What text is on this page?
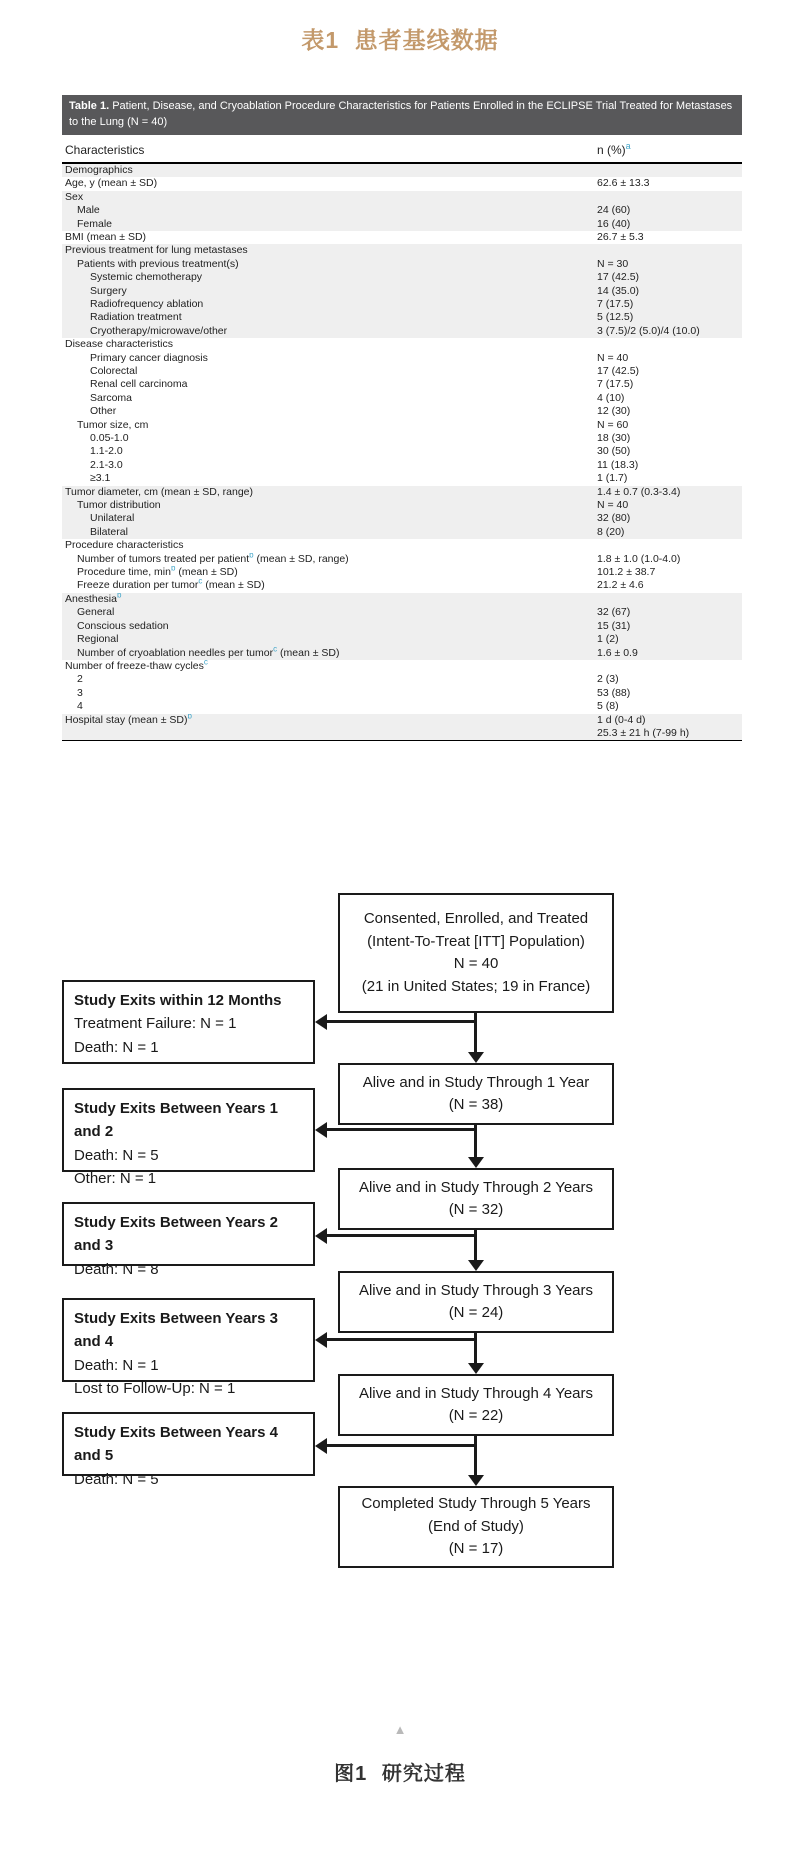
表1 患者基线数据
Table 1. Patient, Disease, and Cryoablation Procedure Characteristics for Patients Enrolled in the ECLIPSE Trial Treated for Metastases to the Lung (N = 40)
Characteristics	n (%)$^a$
Demographics	
Age, y (mean ± SD)	62.6 ± 13.3
Sex	
Male	24 (60)
Female	16 (40)
BMI (mean ± SD)	26.7 ± 5.3
Previous treatment for lung metastases	
Patients with previous treatment(s)	N = 30
Systemic chemotherapy	17 (42.5)
Surgery	14 (35.0)
Radiofrequency ablation	7 (17.5)
Radiation treatment	5 (12.5)
Cryotherapy/microwave/other	3 (7.5)/2 (5.0)/4 (10.0)
Disease characteristics	
Primary cancer diagnosis	N = 40
Colorectal	17 (42.5)
Renal cell carcinoma	7 (17.5)
Sarcoma	4 (10)
Other	12 (30)
Tumor size, cm	N = 60
0.05-1.0	18 (30)
1.1-2.0	30 (50)
2.1-3.0	11 (18.3)
≥3.1	1 (1.7)
Tumor diameter, cm (mean ± SD, range)	1.4 ± 0.7 (0.3-3.4)
Tumor distribution	N = 40
Unilateral	32 (80)
Bilateral	8 (20)
Procedure characteristics	
Number of tumors treated per patient$^b$ (mean ± SD, range)	1.8 ± 1.0 (1.0-4.0)
Procedure time, min$^b$ (mean ± SD)	101.2 ± 38.7
Freeze duration per tumor$^c$ (mean ± SD)	21.2 ± 4.6
Anesthesia$^b$	
General	32 (67)
Conscious sedation	15 (31)
Regional	1 (2)
Number of cryoablation needles per tumor$^c$ (mean ± SD)	1.6 ± 0.9
Number of freeze-thaw cycles$^c$	
2	2 (3)
3	53 (88)
4	5 (8)
Hospital stay (mean ± SD)$^b$	1 d (0-4 d)
	25.3 ± 21 h (7-99 h)
Consented, Enrolled, and Treated
(Intent-To-Treat [ITT] Population)
N = 40
(21 in United States; 19 in France)
Alive and in Study Through 1 Year
(N = 38)
Alive and in Study Through 2 Years
(N = 32)
Alive and in Study Through 3 Years
(N = 24)
Alive and in Study Through 4 Years
(N = 22)
Completed Study Through 5 Years
(End of Study)
(N = 17)
Study Exits within 12 Months
Treatment Failure: N = 1
Death: N = 1
Study Exits Between Years 1 and 2
Death: N = 5
Other: N = 1
Study Exits Between Years 2 and 3
Death: N = 8
Study Exits Between Years 3 and 4
Death: N = 1
Lost to Follow-Up: N = 1
Study Exits Between Years 4 and 5
Death: N = 5
▲
图1 研究过程
